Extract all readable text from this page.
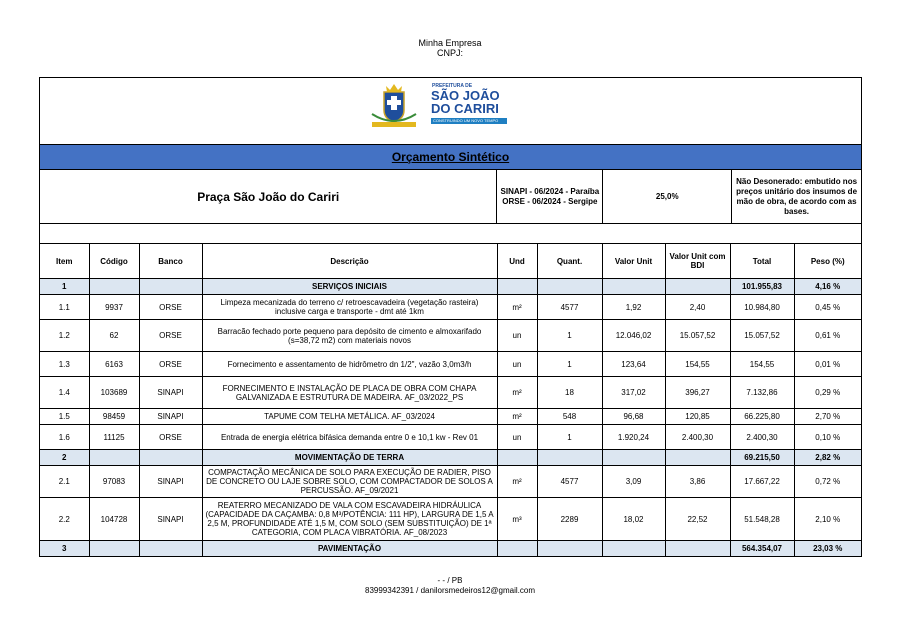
Minha Empresa
CNPJ:
PREFEITURA DE
SÃO JOÃO
DO CARIRI
CONSTRUINDO UM NOVO TEMPO
Orçamento Sintético
Praça São João do Cariri	SINAPI - 06/2024 - Paraíba
ORSE - 06/2024 - Sergipe	25,0%
Não Desonerado: embutido nos preços unitário dos insumos de mão de obra, de acordo com as bases.
Item	Código	Banco	Descrição	Und	Quant.	Valor Unit	Valor Unit com BDI	Total	Peso (%)
1			SERVIÇOS INICIAIS					101.955,83	4,16 %
1.1	9937	ORSE	Limpeza mecanizada do terreno c/ retroescavadeira (vegetação rasteira) inclusive carga e transporte - dmt até 1km	m²	4577	1,92	2,40	10.984,80	0,45 %
1.2	62	ORSE	Barracão fechado porte pequeno para depósito de cimento e almoxarifado (s=38,72 m2) com materiais novos	un	1	12.046,02	15.057,52	15.057,52	0,61 %
1.3	6163	ORSE	Fornecimento e assentamento de hidrômetro dn 1/2", vazão 3,0m3/h	un	1	123,64	154,55	154,55	0,01 %
1.4	103689	SINAPI	FORNECIMENTO E INSTALAÇÃO DE PLACA DE OBRA COM CHAPA GALVANIZADA E ESTRUTURA DE MADEIRA. AF_03/2022_PS	m²	18	317,02	396,27	7.132,86	0,29 %
1.5	98459	SINAPI	TAPUME COM TELHA METÁLICA. AF_03/2024	m²	548	96,68	120,85	66.225,80	2,70 %
1.6	11125	ORSE	Entrada de energia elétrica bifásica demanda entre 0 e 10,1 kw - Rev 01	un	1	1.920,24	2.400,30	2.400,30	0,10 %
2			MOVIMENTAÇÃO DE TERRA					69.215,50	2,82 %
2.1	97083	SINAPI	COMPACTAÇÃO MECÂNICA DE SOLO PARA EXECUÇÃO DE RADIER, PISO DE CONCRETO OU LAJE SOBRE SOLO, COM COMPACTADOR DE SOLOS A PERCUSSÃO. AF_09/2021	m²	4577	3,09	3,86	17.667,22	0,72 %
2.2	104728	SINAPI	REATERRO MECANIZADO DE VALA COM ESCAVADEIRA HIDRÁULICA (CAPACIDADE DA CAÇAMBA: 0,8 M³/POTÊNCIA: 111 HP), LARGURA DE 1,5 A 2,5 M, PROFUNDIDADE ATÉ 1,5 M, COM SOLO (SEM SUBSTITUIÇÃO) DE 1ª CATEGORIA, COM PLACA VIBRATÓRIA. AF_08/2023	m³	2289	18,02	22,52	51.548,28	2,10 %
3			PAVIMENTAÇÃO					564.354,07	23,03 %
- - / PB
83999342391 / danilorsmedeiros12@gmail.com
